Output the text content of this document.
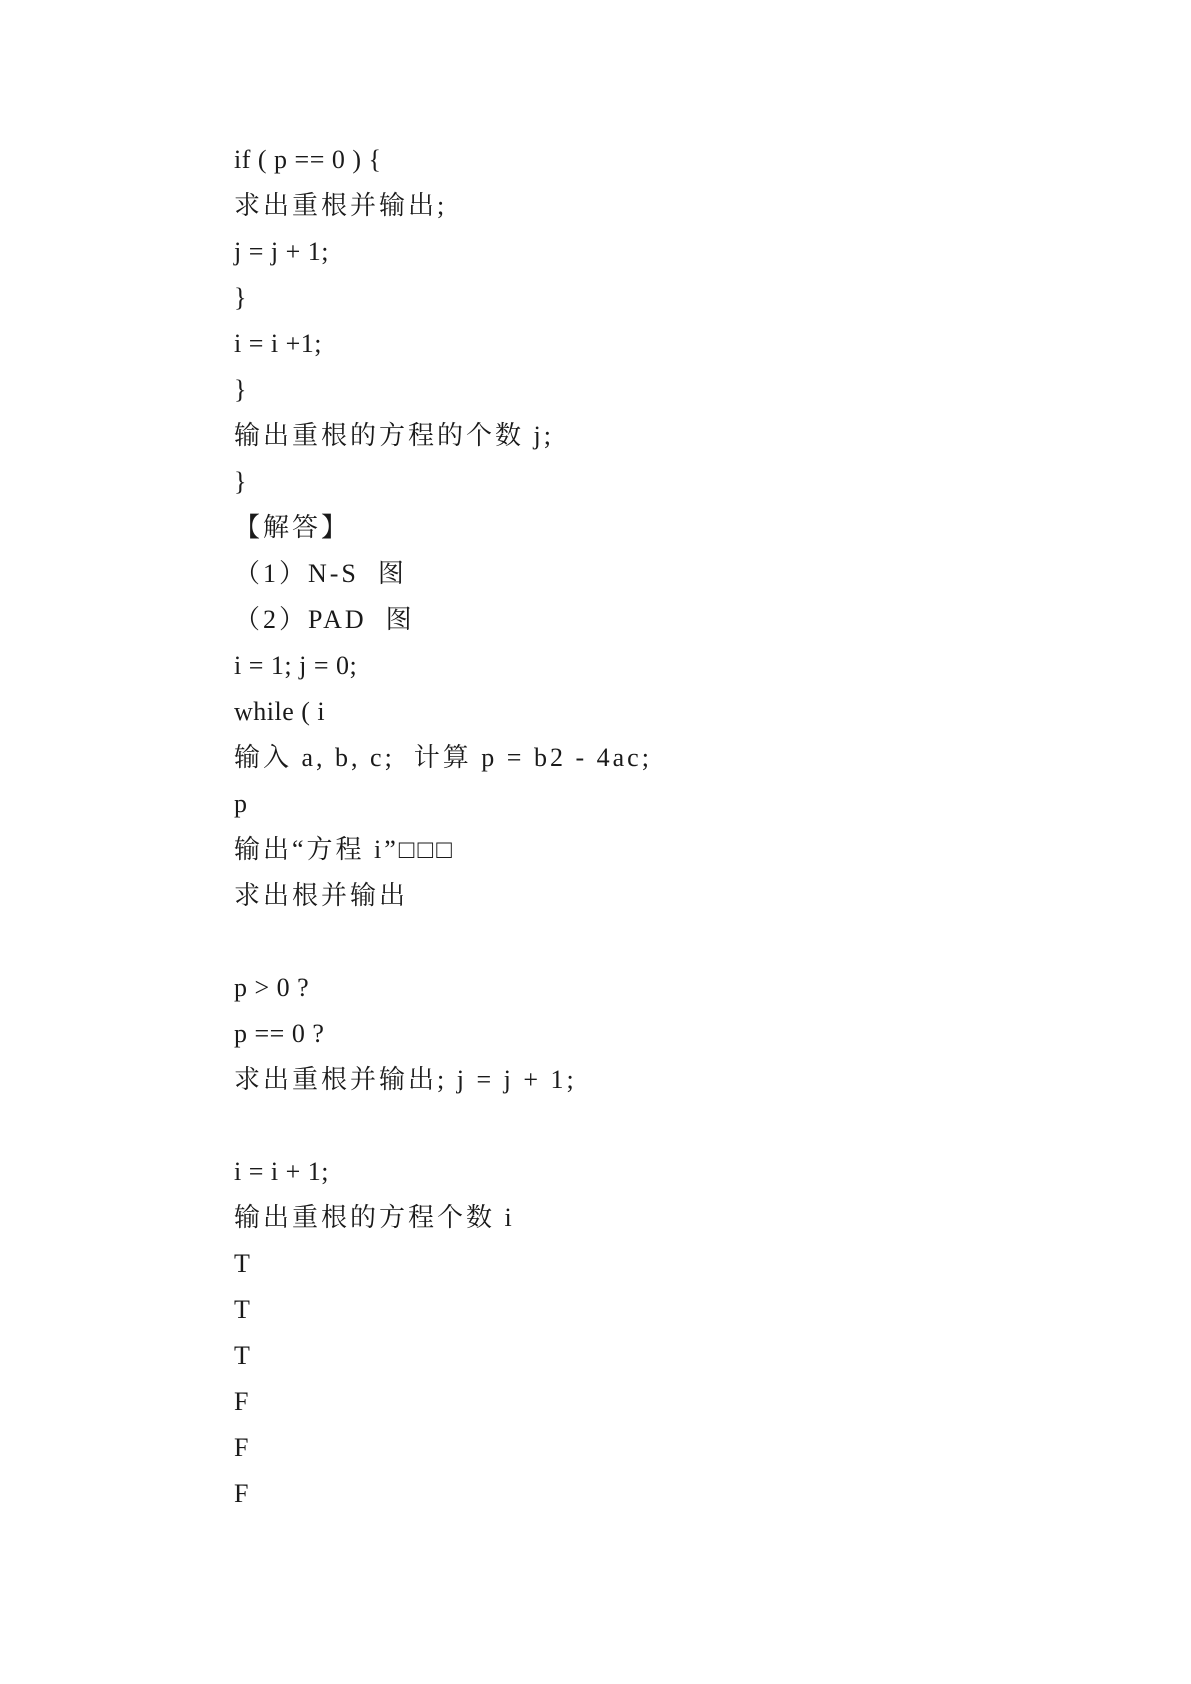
if ( p == 0 ) {
求出重根并输出;
j = j + 1;
}
i = i +1;
}
输出重根的方程的个数 j;
}
【解答】
（1）N-S  图
（2）PAD  图
i = 1; j = 0;
while ( i
输入 a, b, c;  计算 p = b2 - 4ac;
p
输出“方程 i”□□□
求出根并输出
p > 0 ?
p == 0 ?
求出重根并输出; j = j + 1;
i = i + 1;
输出重根的方程个数 i
T
T
T
F
F
F
